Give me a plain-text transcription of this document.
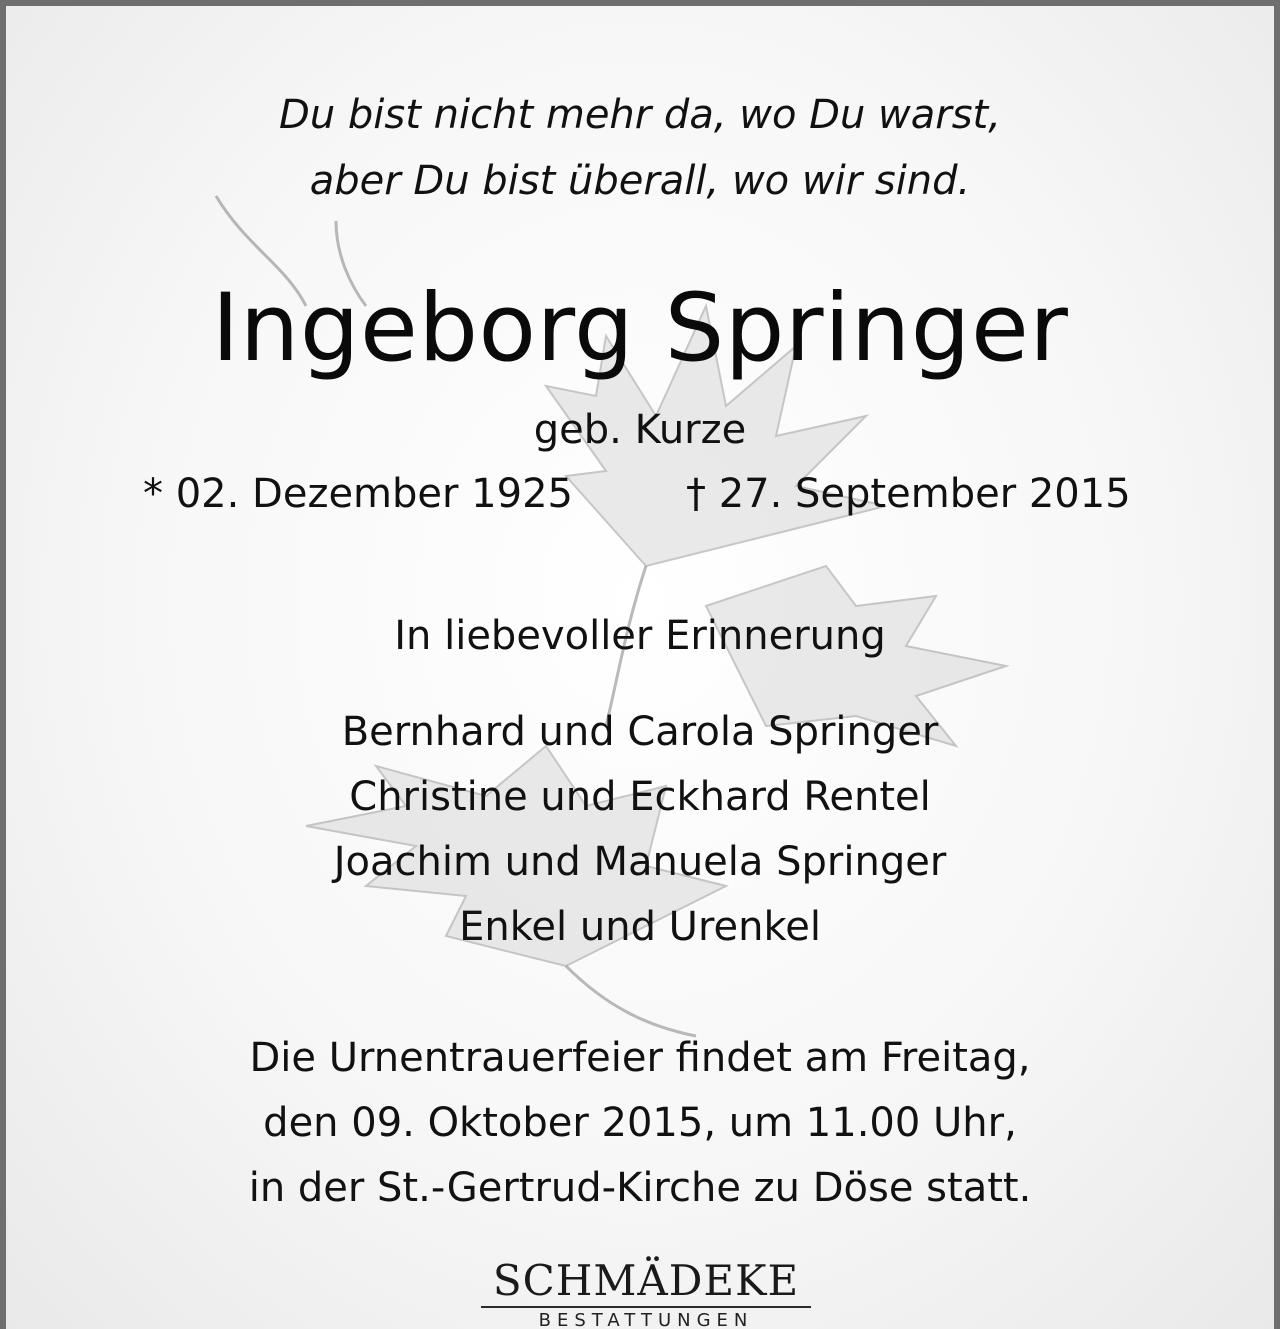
Du bist nicht mehr da, wo Du warst,
aber Du bist überall, wo wir sind.
Ingeborg Springer
geb. Kurze
* 02. Dezember 1925	† 27. September 2015
In liebevoller Erinnerung
Bernhard und Carola Springer
Christine und Eckhard Rentel
Joachim und Manuela Springer
Enkel und Urenkel
Die Urnentrauerfeier findet am Freitag,
den 09. Oktober 2015, um 11.00 Uhr,
in der St.-Gertrud-Kirche zu Döse statt.
SCHMÄDEKE
BESTATTUNGEN
